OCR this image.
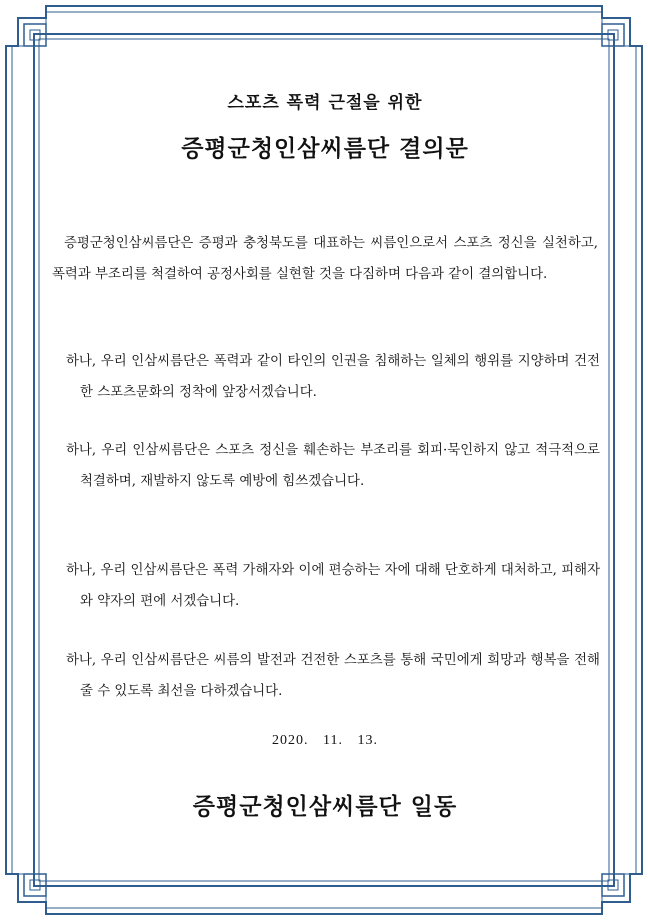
스포츠 폭력 근절을 위한
증평군청인삼씨름단 결의문

증평군청인삼씨름단은 증평과 충청북도를 대표하는 씨름인으로서 스포츠 정신을 실천하고, 폭력과 부조리를 척결하여 공정사회를 실현할 것을 다짐하며 다음과 같이 결의합니다.

하나, 우리 인삼씨름단은 폭력과 같이 타인의 인권을 침해하는 일체의 행위를 지양하며 건전한 스포츠문화의 정착에 앞장서겠습니다.

하나, 우리 인삼씨름단은 스포츠 정신을 훼손하는 부조리를 회피·묵인하지 않고 적극적으로 척결하며, 재발하지 않도록 예방에 힘쓰겠습니다.

하나, 우리 인삼씨름단은 폭력 가해자와 이에 편승하는 자에 대해 단호하게 대처하고, 피해자와 약자의 편에 서겠습니다.

하나, 우리 인삼씨름단은 씨름의 발전과 건전한 스포츠를 통해 국민에게 희망과 행복을 전해줄 수 있도록 최선을 다하겠습니다.

2020. 11. 13.
증평군청인삼씨름단 일동
